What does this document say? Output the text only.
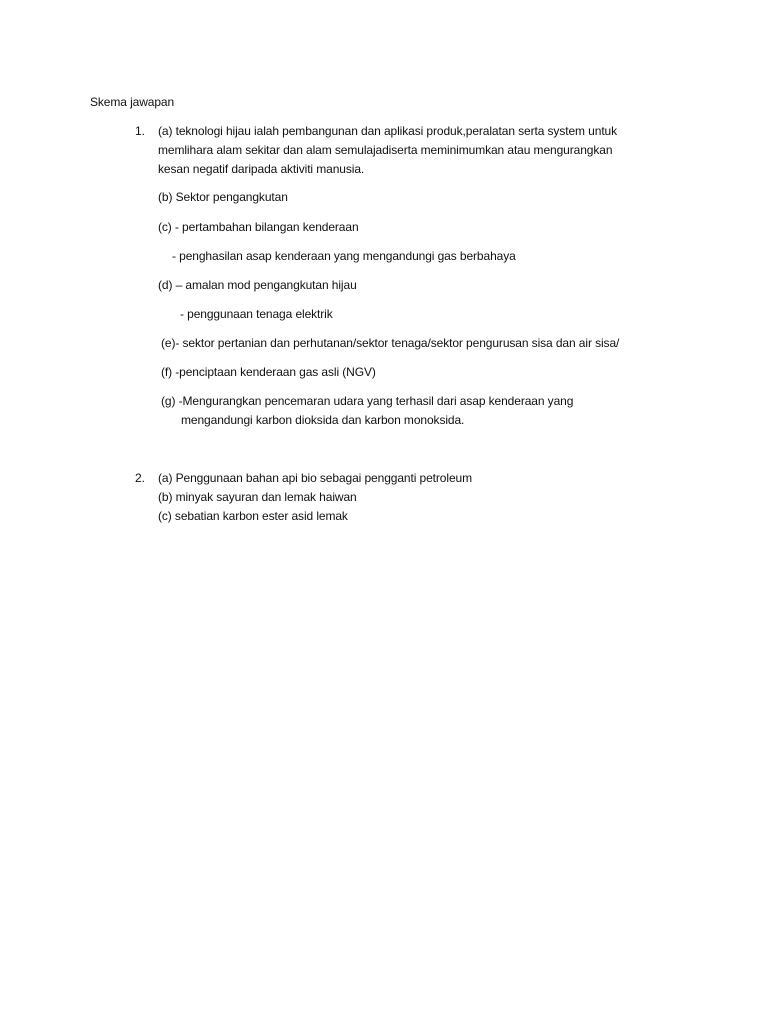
Skema jawapan
1. (a) teknologi hijau ialah pembangunan dan aplikasi produk,peralatan serta system untuk
memlihara alam sekitar dan alam semulajadiserta meminimumkan atau mengurangkan
kesan negatif daripada aktiviti manusia.
(b) Sektor pengangkutan
(c) - pertambahan bilangan kenderaan
- penghasilan asap kenderaan yang mengandungi gas berbahaya
(d) – amalan mod pengangkutan hijau
- penggunaan tenaga elektrik
(e)- sektor pertanian dan perhutanan/sektor tenaga/sektor pengurusan sisa dan air sisa/
(f) -penciptaan kenderaan gas asli (NGV)
(g) -Mengurangkan pencemaran udara yang terhasil dari asap kenderaan yang
mengandungi karbon dioksida dan karbon monoksida.
2. (a) Penggunaan bahan api bio sebagai pengganti petroleum
(b) minyak sayuran dan lemak haiwan
(c) sebatian karbon ester asid lemak
